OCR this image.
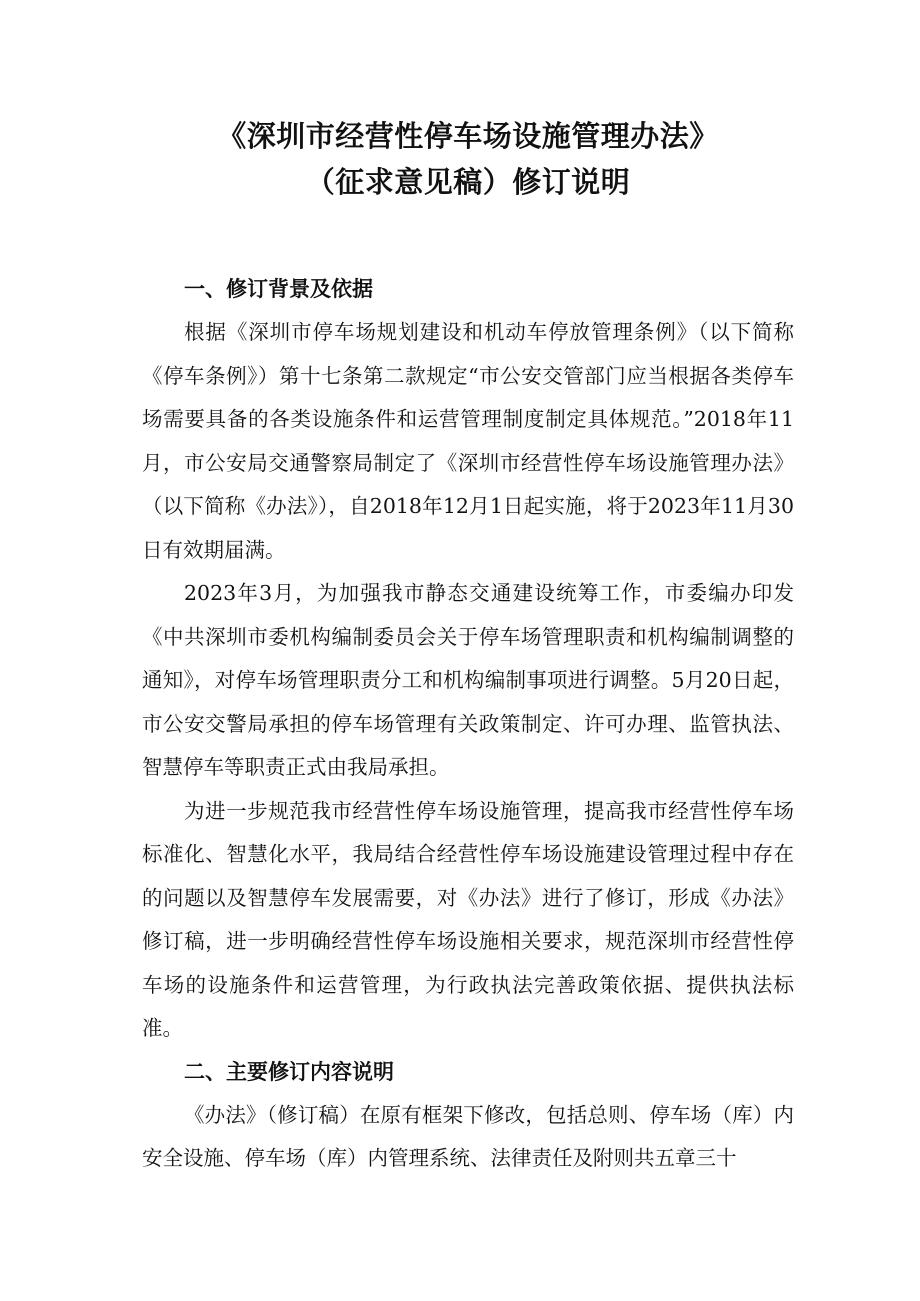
《深圳市经营性停车场设施管理办法》
（征求意见稿）修订说明
一、修订背景及依据

根据《深圳市停车场规划建设和机动车停放管理条例》（以下简称《停车条例》）第十七条第二款规定“市公安交管部门应当根据各类停车场需要具备的各类设施条件和运营管理制度制定具体规范。”2018年11月，市公安局交通警察局制定了《深圳市经营性停车场设施管理办法》（以下简称《办法》），自2018年12月1日起实施，将于2023年11月30日有效期届满。

2023年3月，为加强我市静态交通建设统筹工作，市委编办印发《中共深圳市委机构编制委员会关于停车场管理职责和机构编制调整的通知》，对停车场管理职责分工和机构编制事项进行调整。5月20日起，市公安交警局承担的停车场管理有关政策制定、许可办理、监管执法、智慧停车等职责正式由我局承担。

为进一步规范我市经营性停车场设施管理，提高我市经营性停车场标准化、智慧化水平，我局结合经营性停车场设施建设管理过程中存在的问题以及智慧停车发展需要，对《办法》进行了修订，形成《办法》修订稿，进一步明确经营性停车场设施相关要求，规范深圳市经营性停车场的设施条件和运营管理，为行政执法完善政策依据、提供执法标准。

二、主要修订内容说明

《办法》（修订稿）在原有框架下修改，包括总则、停车场（库）内安全设施、停车场（库）内管理系统、法律责任及附则共五章三十
